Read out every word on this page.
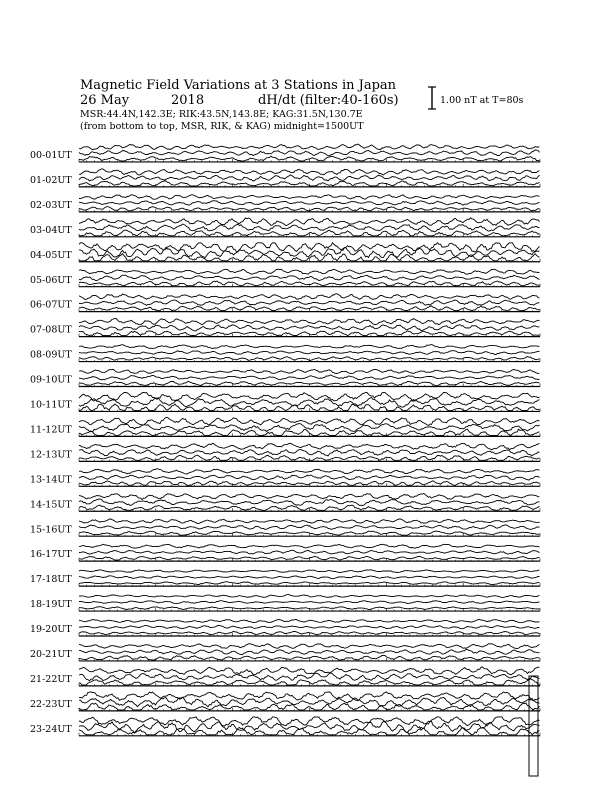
Magnetic Field Variations at 3 Stations in Japan
26 May	2018	dH/dt (filter:40-160s)
MSR:44.4N,142.3E; RIK:43.5N,143.8E; KAG:31.5N,130.7E
(from bottom to top, MSR, RIK, & KAG) midnight=1500UT
1.00 nT at T=80s
00-01UT
01-02UT
02-03UT
03-04UT
04-05UT
05-06UT
06-07UT
07-08UT
08-09UT
09-10UT
10-11UT
11-12UT
12-13UT
13-14UT
14-15UT
15-16UT
16-17UT
17-18UT
18-19UT
19-20UT
20-21UT
21-22UT
22-23UT
23-24UT
